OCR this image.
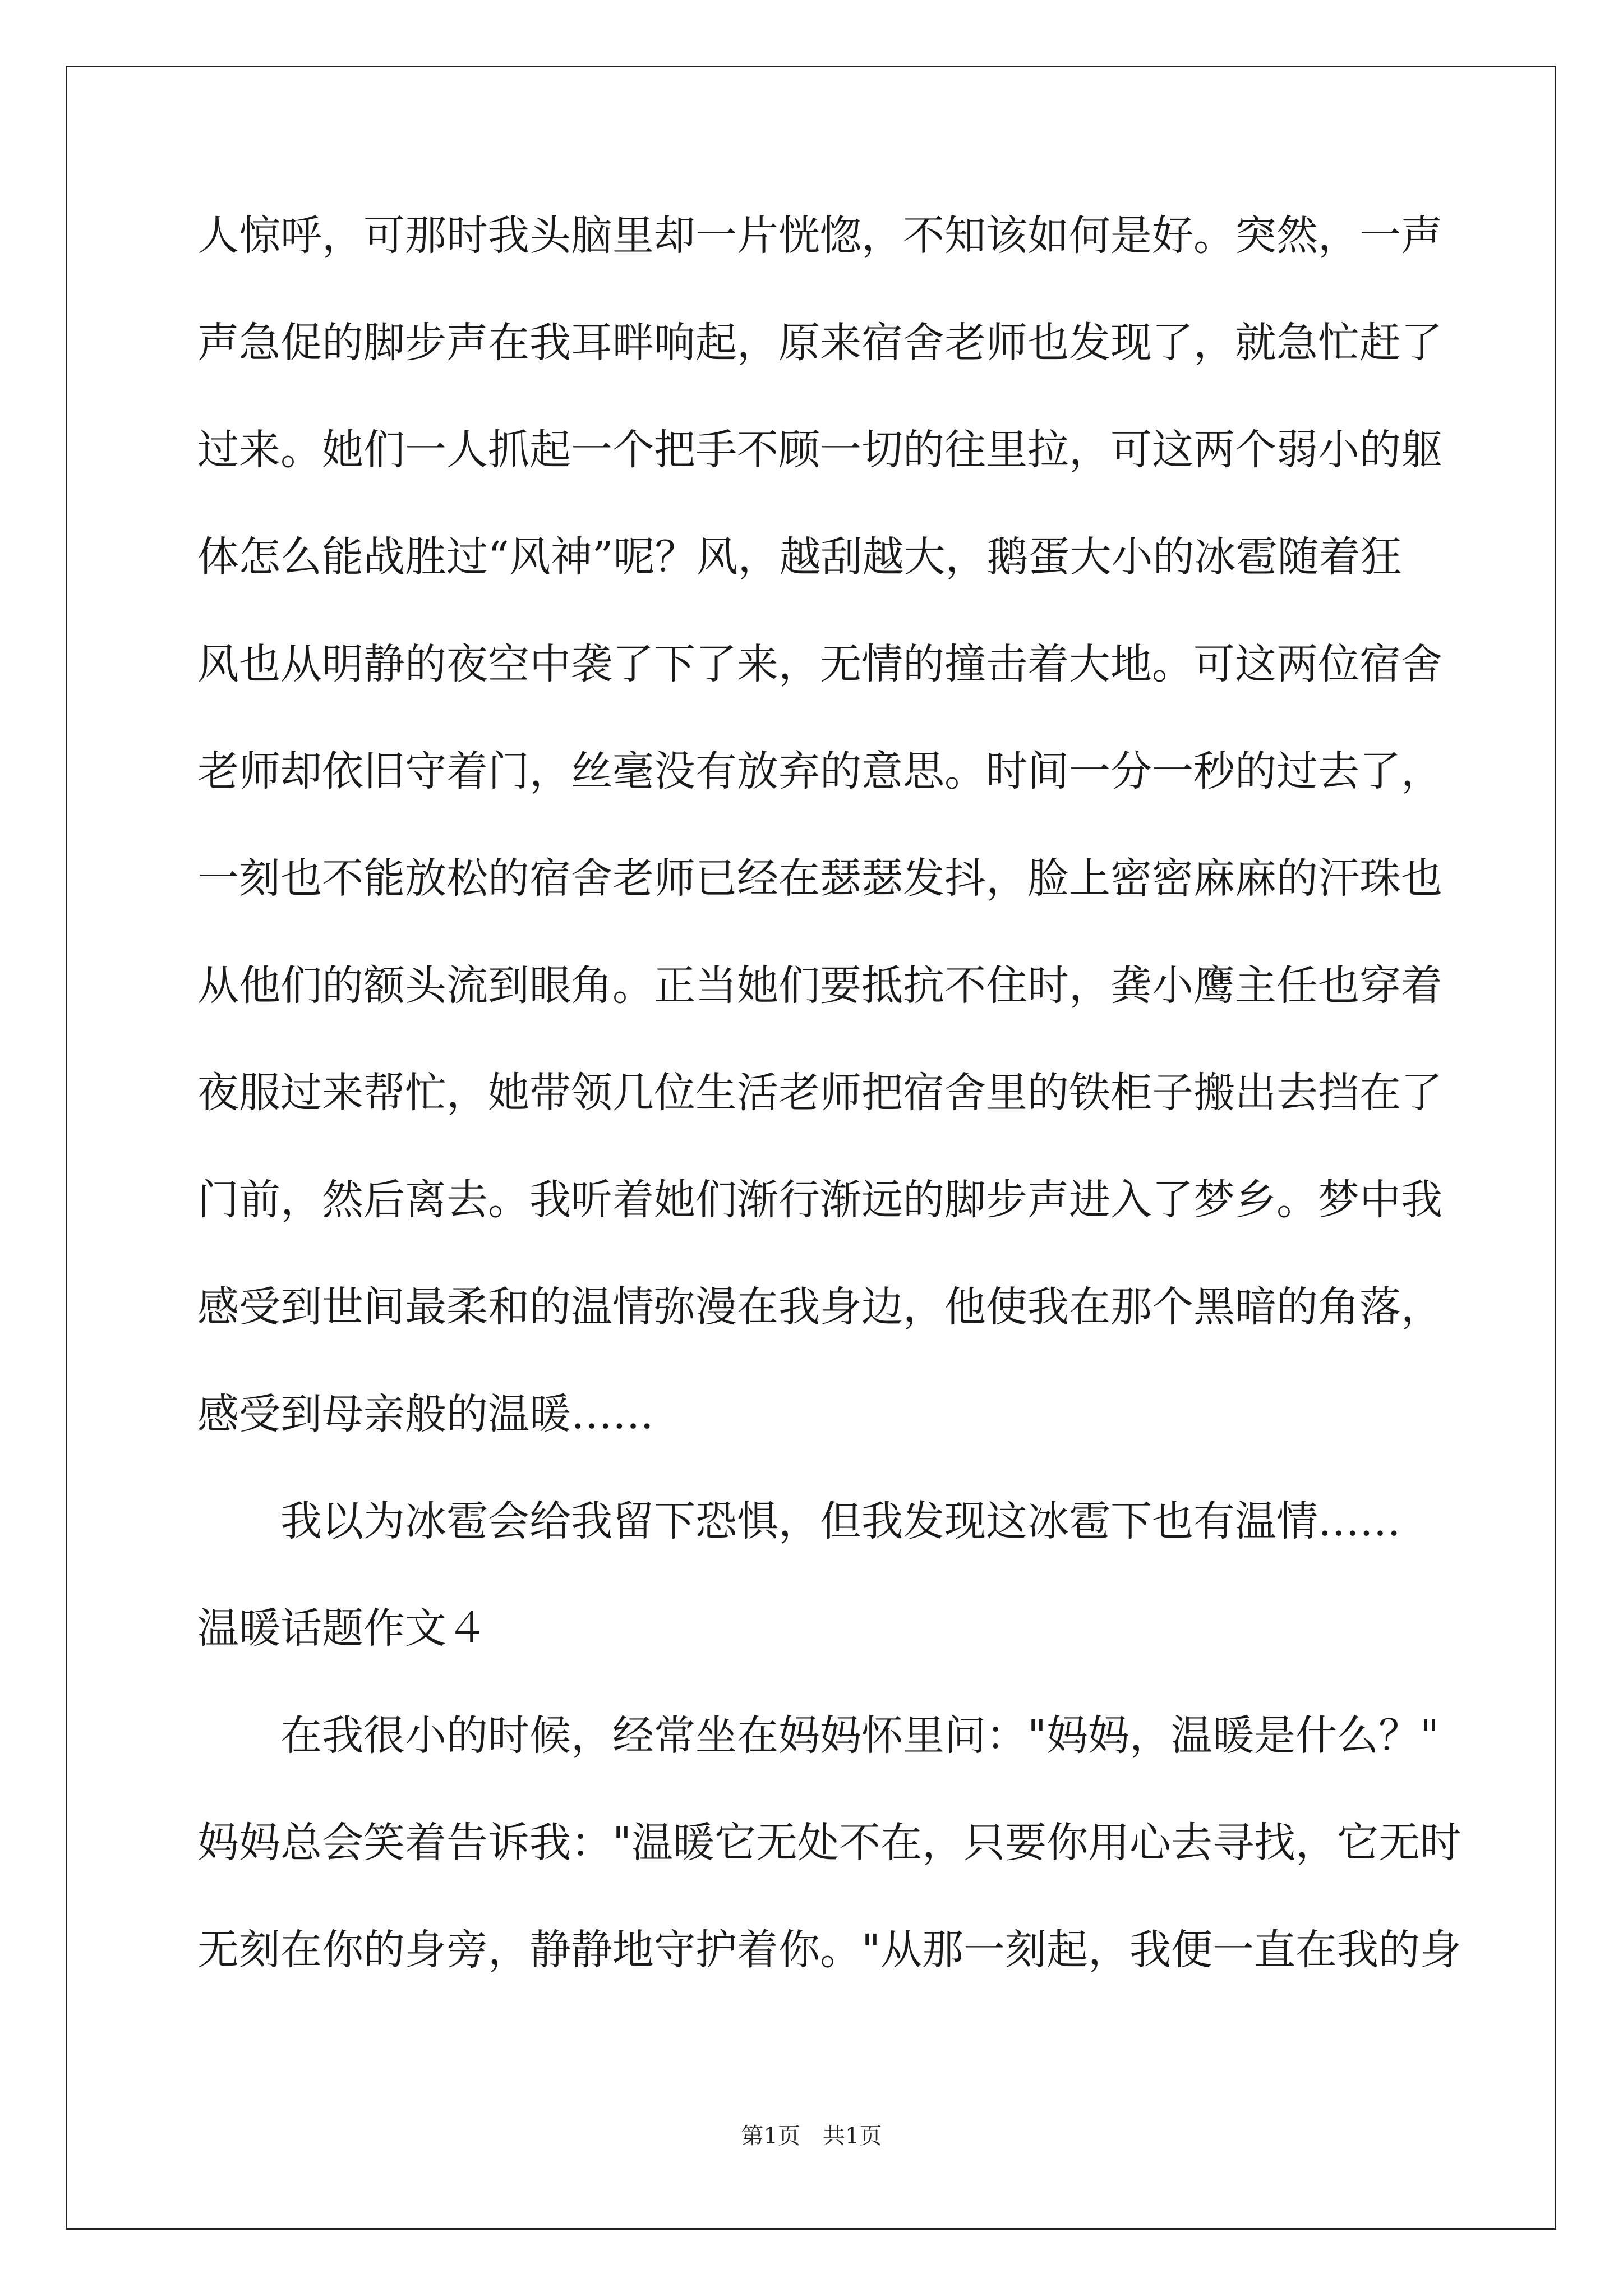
人惊呼，可那时我头脑里却一片恍惚，不知该如何是好。突然，一声

声急促的脚步声在我耳畔响起，原来宿舍老师也发现了，就急忙赶了

过来。她们一人抓起一个把手不顾一切的往里拉，可这两个弱小的躯

体怎么能战胜过“风神”呢？风，越刮越大，鹅蛋大小的冰雹随着狂

风也从明静的夜空中袭了下了来，无情的撞击着大地。可这两位宿舍

老师却依旧守着门，丝毫没有放弃的意思。时间一分一秒的过去了，

一刻也不能放松的宿舍老师已经在瑟瑟发抖，脸上密密麻麻的汗珠也

从他们的额头流到眼角。正当她们要抵抗不住时，龚小鹰主任也穿着

夜服过来帮忙，她带领几位生活老师把宿舍里的铁柜子搬出去挡在了

门前，然后离去。我听着她们渐行渐远的脚步声进入了梦乡。梦中我

感受到世间最柔和的温情弥漫在我身边，他使我在那个黑暗的角落，

感受到母亲般的温暖……

我以为冰雹会给我留下恐惧，但我发现这冰雹下也有温情……

温暖话题作文４

在我很小的时候，经常坐在妈妈怀里问："妈妈，温暖是什么？"

妈妈总会笑着告诉我："温暖它无处不在，只要你用心去寻找，它无时

无刻在你的身旁，静静地守护着你。"从那一刻起，我便一直在我的身

第1页　共1页
